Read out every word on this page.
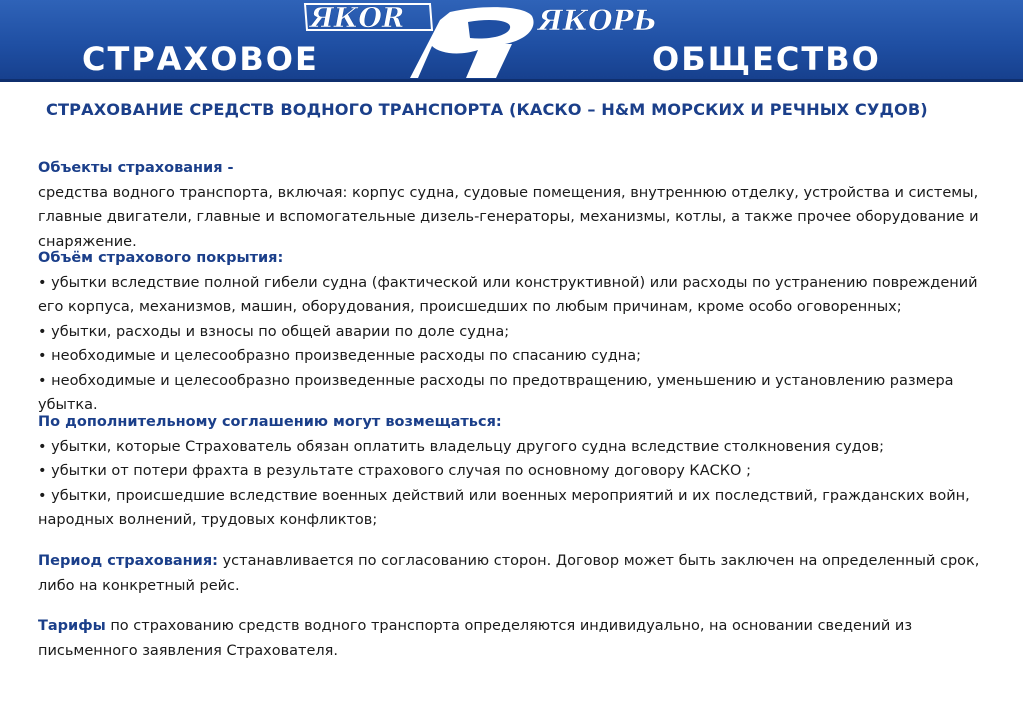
СТРАХОВОЕ
ЯКОR	ЯКОРЬ
ОБЩЕСТВО
СТРАХОВАНИЕ СРЕДСТВ ВОДНОГО ТРАНСПОРТА (КАСКО – H&M МОРСКИХ И РЕЧНЫХ СУДОВ)

Объекты страхования -

средства водного транспорта, включая: корпус судна, судовые помещения, внутреннюю отделку, устройства и системы, главные двигатели, главные и вспомогательные дизель-генераторы, механизмы, котлы, а также прочее оборудование и снаряжение.

Объём страхового покрытия:

• убытки вследствие полной гибели судна (фактической или конструктивной) или расходы по устранению повреждений его корпуса, механизмов, машин, оборудования, происшедших по любым причинам, кроме особо оговоренных;

• убытки, расходы и взносы по общей аварии по доле судна;

• необходимые и целесообразно произведенные расходы по спасанию судна;

• необходимые и целесообразно произведенные расходы по предотвращению, уменьшению и установлению размера убытка.

По дополнительному соглашению могут возмещаться:

• убытки, которые Страхователь обязан оплатить владельцу другого судна вследствие столкновения судов;

• убытки от потери фрахта в результате страхового случая по основному договору КАСКО ;

• убытки, происшедшие вследствие военных действий или военных мероприятий и их последствий, гражданских войн, народных волнений, трудовых конфликтов;

Период страхования: устанавливается по согласованию сторон. Договор может быть заключен на определенный срок, либо на конкретный рейс.

Тарифы по страхованию средств водного транспорта определяются индивидуально, на основании сведений из письменного заявления Страхователя.
